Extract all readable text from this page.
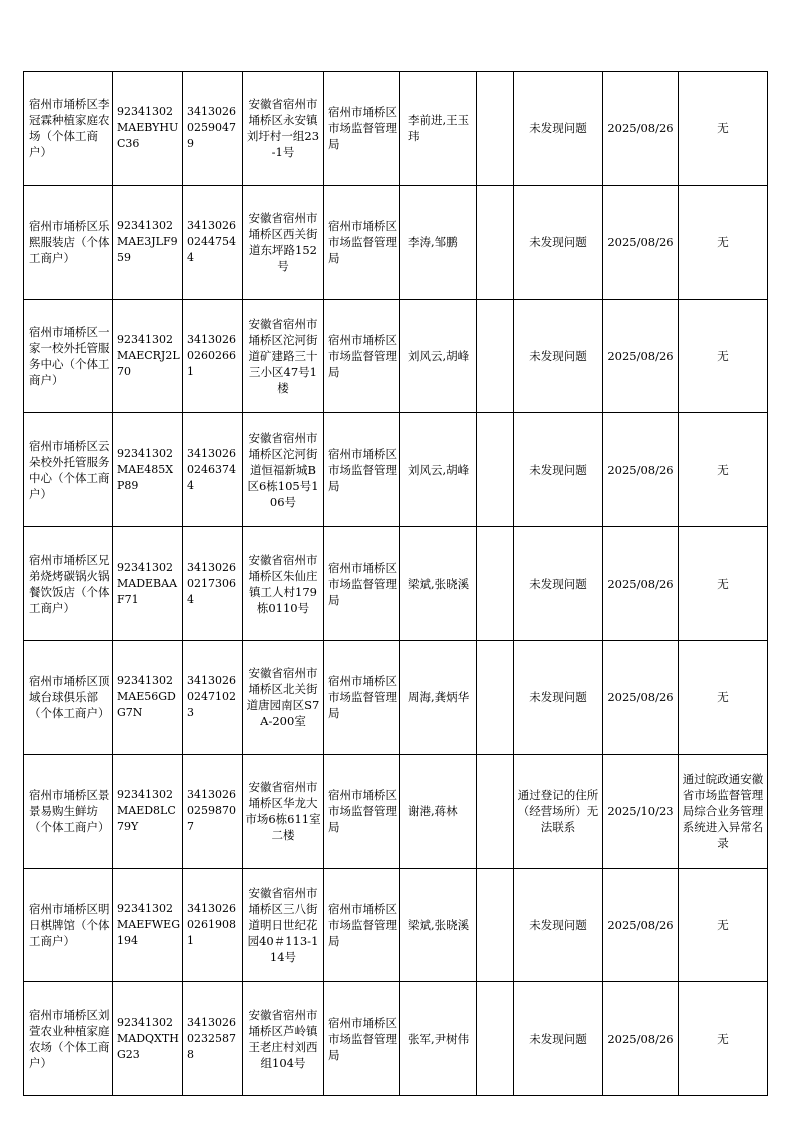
宿州市埇桥区李冠霖种植家庭农场（个体工商户）	92341302MAEBYHUC36	341302602590479	安徽省宿州市埇桥区永安镇刘圩村一组23-1号	宿州市埇桥区市场监督管理局	李前进,王玉玮		未发现问题	2025/08/26	无
宿州市埇桥区乐熙服装店（个体工商户）	92341302MAE3JLF959	341302602447544	安徽省宿州市埇桥区西关街道东坪路152号	宿州市埇桥区市场监督管理局	李涛,邹鹏		未发现问题	2025/08/26	无
宿州市埇桥区一家一校外托管服务中心（个体工商户）	92341302MAECRJ2L70	341302602602661	安徽省宿州市埇桥区沱河街道矿建路三十三小区47号1楼	宿州市埇桥区市场监督管理局	刘风云,胡峰		未发现问题	2025/08/26	无
宿州市埇桥区云朵校外托管服务中心（个体工商户）	92341302MAE485XP89	341302602463744	安徽省宿州市埇桥区沱河街道恒福新城B区6栋105号106号	宿州市埇桥区市场监督管理局	刘风云,胡峰		未发现问题	2025/08/26	无
宿州市埇桥区兄弟烧烤碳锅火锅餐饮饭店（个体工商户）	92341302MADEBAAF71	341302602173064	安徽省宿州市埇桥区朱仙庄镇工人村179栋0110号	宿州市埇桥区市场监督管理局	梁斌,张晓溪		未发现问题	2025/08/26	无
宿州市埇桥区顶域台球俱乐部（个体工商户）	92341302MAE56GDG7N	341302602471023	安徽省宿州市埇桥区北关街道唐园南区S7A-200室	宿州市埇桥区市场监督管理局	周海,龚炳华		未发现问题	2025/08/26	无
宿州市埇桥区景景易购生鲜坊（个体工商户）	92341302MAED8LC79Y	341302602598707	安徽省宿州市埇桥区华龙大市场6栋611室二楼	宿州市埇桥区市场监督管理局	谢港,蒋林		通过登记的住所（经营场所）无法联系	2025/10/23	通过皖政通安徽省市场监督管理局综合业务管理系统进入异常名录
宿州市埇桥区明日棋牌馆（个体工商户）	92341302MAEFWEG194	341302602619081	安徽省宿州市埇桥区三八街道明日世纪花园40＃113-114号	宿州市埇桥区市场监督管理局	梁斌,张晓溪		未发现问题	2025/08/26	无
宿州市埇桥区刘萱农业种植家庭农场（个体工商户）	92341302MADQXTHG23	341302602325878	安徽省宿州市埇桥区芦岭镇王老庄村刘西组104号	宿州市埇桥区市场监督管理局	张军,尹树伟		未发现问题	2025/08/26	无
